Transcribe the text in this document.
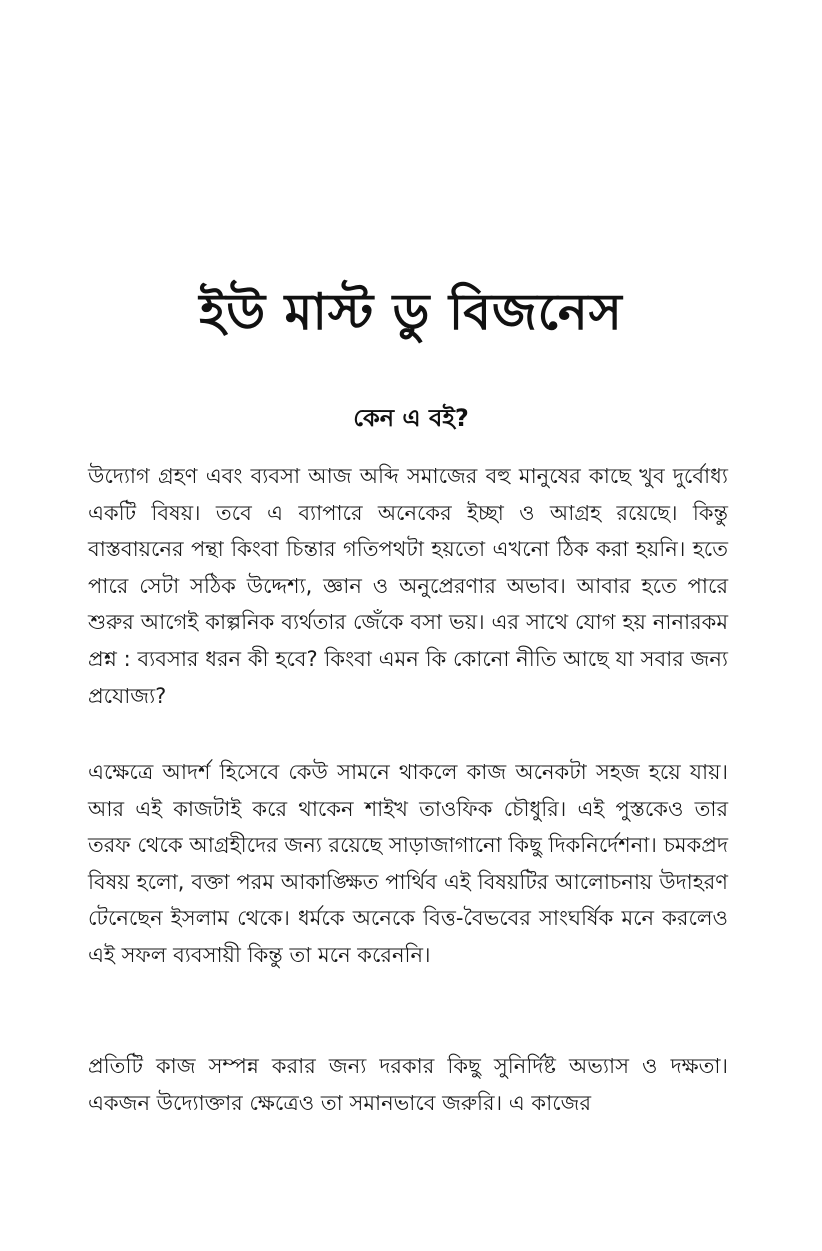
ইউ মাস্ট ডু বিজনেস
কেন এ বই?

উদ্যোগ গ্রহণ এবং ব্যবসা আজ অব্দি সমাজের বহু মানুষের কাছে খুব দুর্বোধ্য একটি বিষয়। তবে এ ব্যাপারে অনেকের ইচ্ছা ও আগ্রহ রয়েছে। কিন্তু বাস্তবায়নের পন্থা কিংবা চিন্তার গতিপথটা হয়তো এখনো ঠিক করা হয়নি। হতে পারে সেটা সঠিক উদ্দেশ্য, জ্ঞান ও অনুপ্রেরণার অভাব। আবার হতে পারে শুরুর আগেই কাল্পনিক ব্যর্থতার জেঁকে বসা ভয়। এর সাথে যোগ হয় নানারকম প্রশ্ন : ব্যবসার ধরন কী হবে? কিংবা এমন কি কোনো নীতি আছে যা সবার জন্য প্রযোজ্য?

এক্ষেত্রে আদর্শ হিসেবে কেউ সামনে থাকলে কাজ অনেকটা সহজ হয়ে যায়। আর এই কাজটাই করে থাকেন শাইখ তাওফিক চৌধুরি। এই পুস্তকেও তার তরফ থেকে আগ্রহীদের জন্য রয়েছে সাড়াজাগানো কিছু দিকনির্দেশনা। চমকপ্রদ বিষয় হলো, বক্তা পরম আকাঙ্ক্ষিত পার্থিব এই বিষয়টির আলোচনায় উদাহরণ টেনেছেন ইসলাম থেকে। ধর্মকে অনেকে বিত্ত-বৈভবের সাংঘর্ষিক মনে করলেও এই সফল ব্যবসায়ী কিন্তু তা মনে করেননি।

প্রতিটি কাজ সম্পন্ন করার জন্য দরকার কিছু সুনির্দিষ্ট অভ্যাস ও দক্ষতা। একজন উদ্যোক্তার ক্ষেত্রেও তা সমানভাবে জরুরি। এ কাজের
